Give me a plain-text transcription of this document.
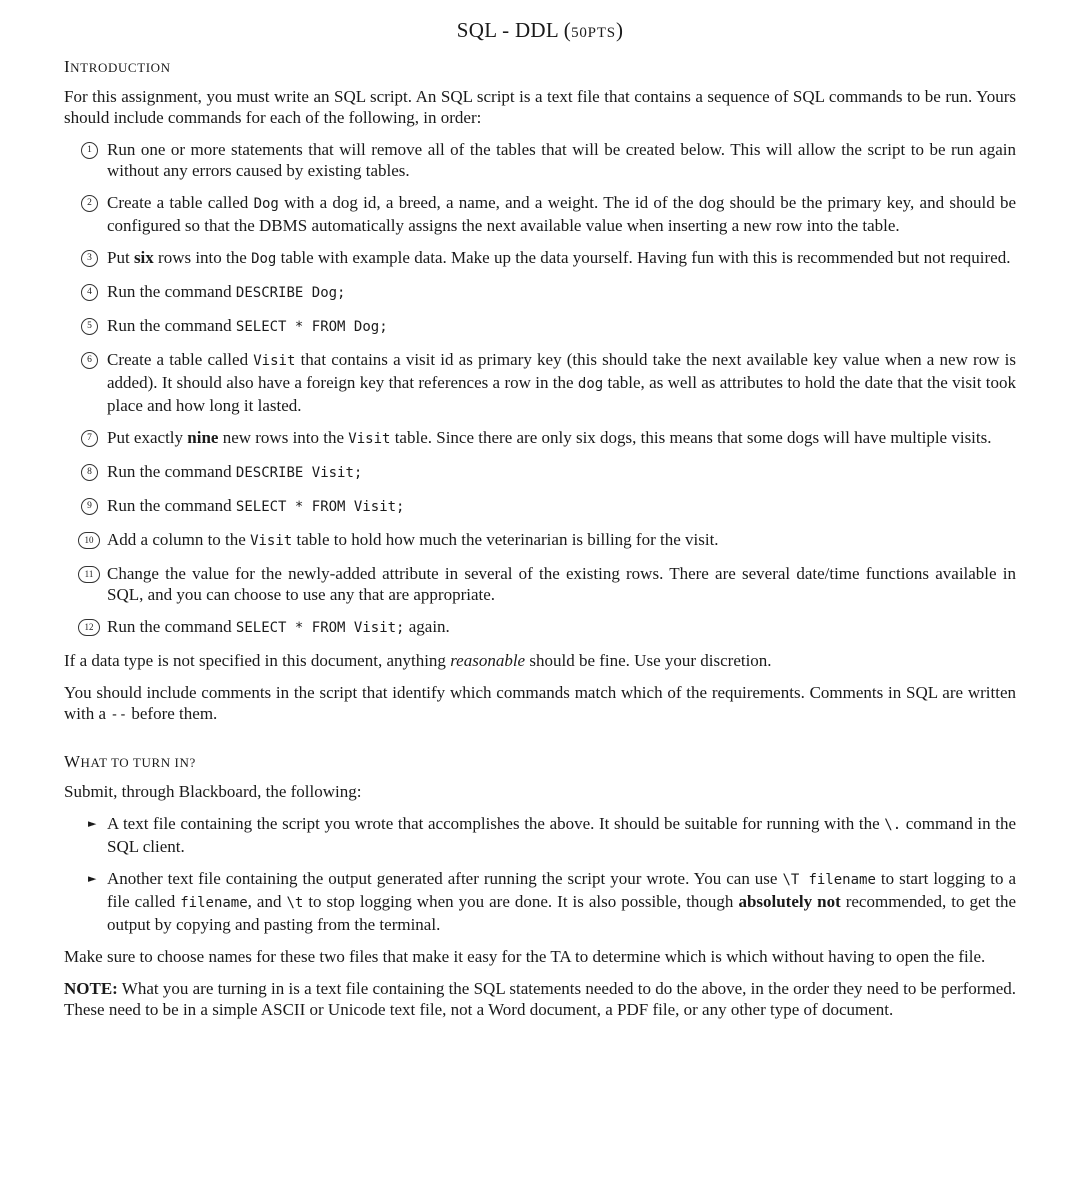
SQL - DDL (50PTS)
INTRODUCTION

For this assignment, you must write an SQL script. An SQL script is a text file that contains a sequence of SQL commands to be run. Yours should include commands for each of the following, in order:

1 Run one or more statements that will remove all of the tables that will be created below. This will allow the script to be run again without any errors caused by existing tables.
2 Create a table called Dog with a dog id, a breed, a name, and a weight. The id of the dog should be the primary key, and should be configured so that the DBMS automatically assigns the next available value when inserting a new row into the table.
3 Put six rows into the Dog table with example data. Make up the data yourself. Having fun with this is recommended but not required.
4 Run the command DESCRIBE Dog;
5 Run the command SELECT * FROM Dog;
6 Create a table called Visit that contains a visit id as primary key (this should take the next available key value when a new row is added). It should also have a foreign key that references a row in the dog table, as well as attributes to hold the date that the visit took place and how long it lasted.
7 Put exactly nine new rows into the Visit table. Since there are only six dogs, this means that some dogs will have multiple visits.
8 Run the command DESCRIBE Visit;
9 Run the command SELECT * FROM Visit;
10 Add a column to the Visit table to hold how much the veterinarian is billing for the visit.
11 Change the value for the newly-added attribute in several of the existing rows. There are several date/time functions available in SQL, and you can choose to use any that are appropriate.
12 Run the command SELECT * FROM Visit; again.

If a data type is not specified in this document, anything reasonable should be fine. Use your discretion.

You should include comments in the script that identify which commands match which of the requirements. Comments in SQL are written with a -- before them.

WHAT TO TURN IN?

Submit, through Blackboard, the following:

► A text file containing the script you wrote that accomplishes the above. It should be suitable for running with the \. command in the SQL client.
► Another text file containing the output generated after running the script your wrote. You can use \T filename to start logging to a file called filename, and \t to stop logging when you are done. It is also possible, though absolutely not recommended, to get the output by copying and pasting from the terminal.

Make sure to choose names for these two files that make it easy for the TA to determine which is which without having to open the file.

NOTE: What you are turning in is a text file containing the SQL statements needed to do the above, in the order they need to be performed. These need to be in a simple ASCII or Unicode text file, not a Word document, a PDF file, or any other type of document.
